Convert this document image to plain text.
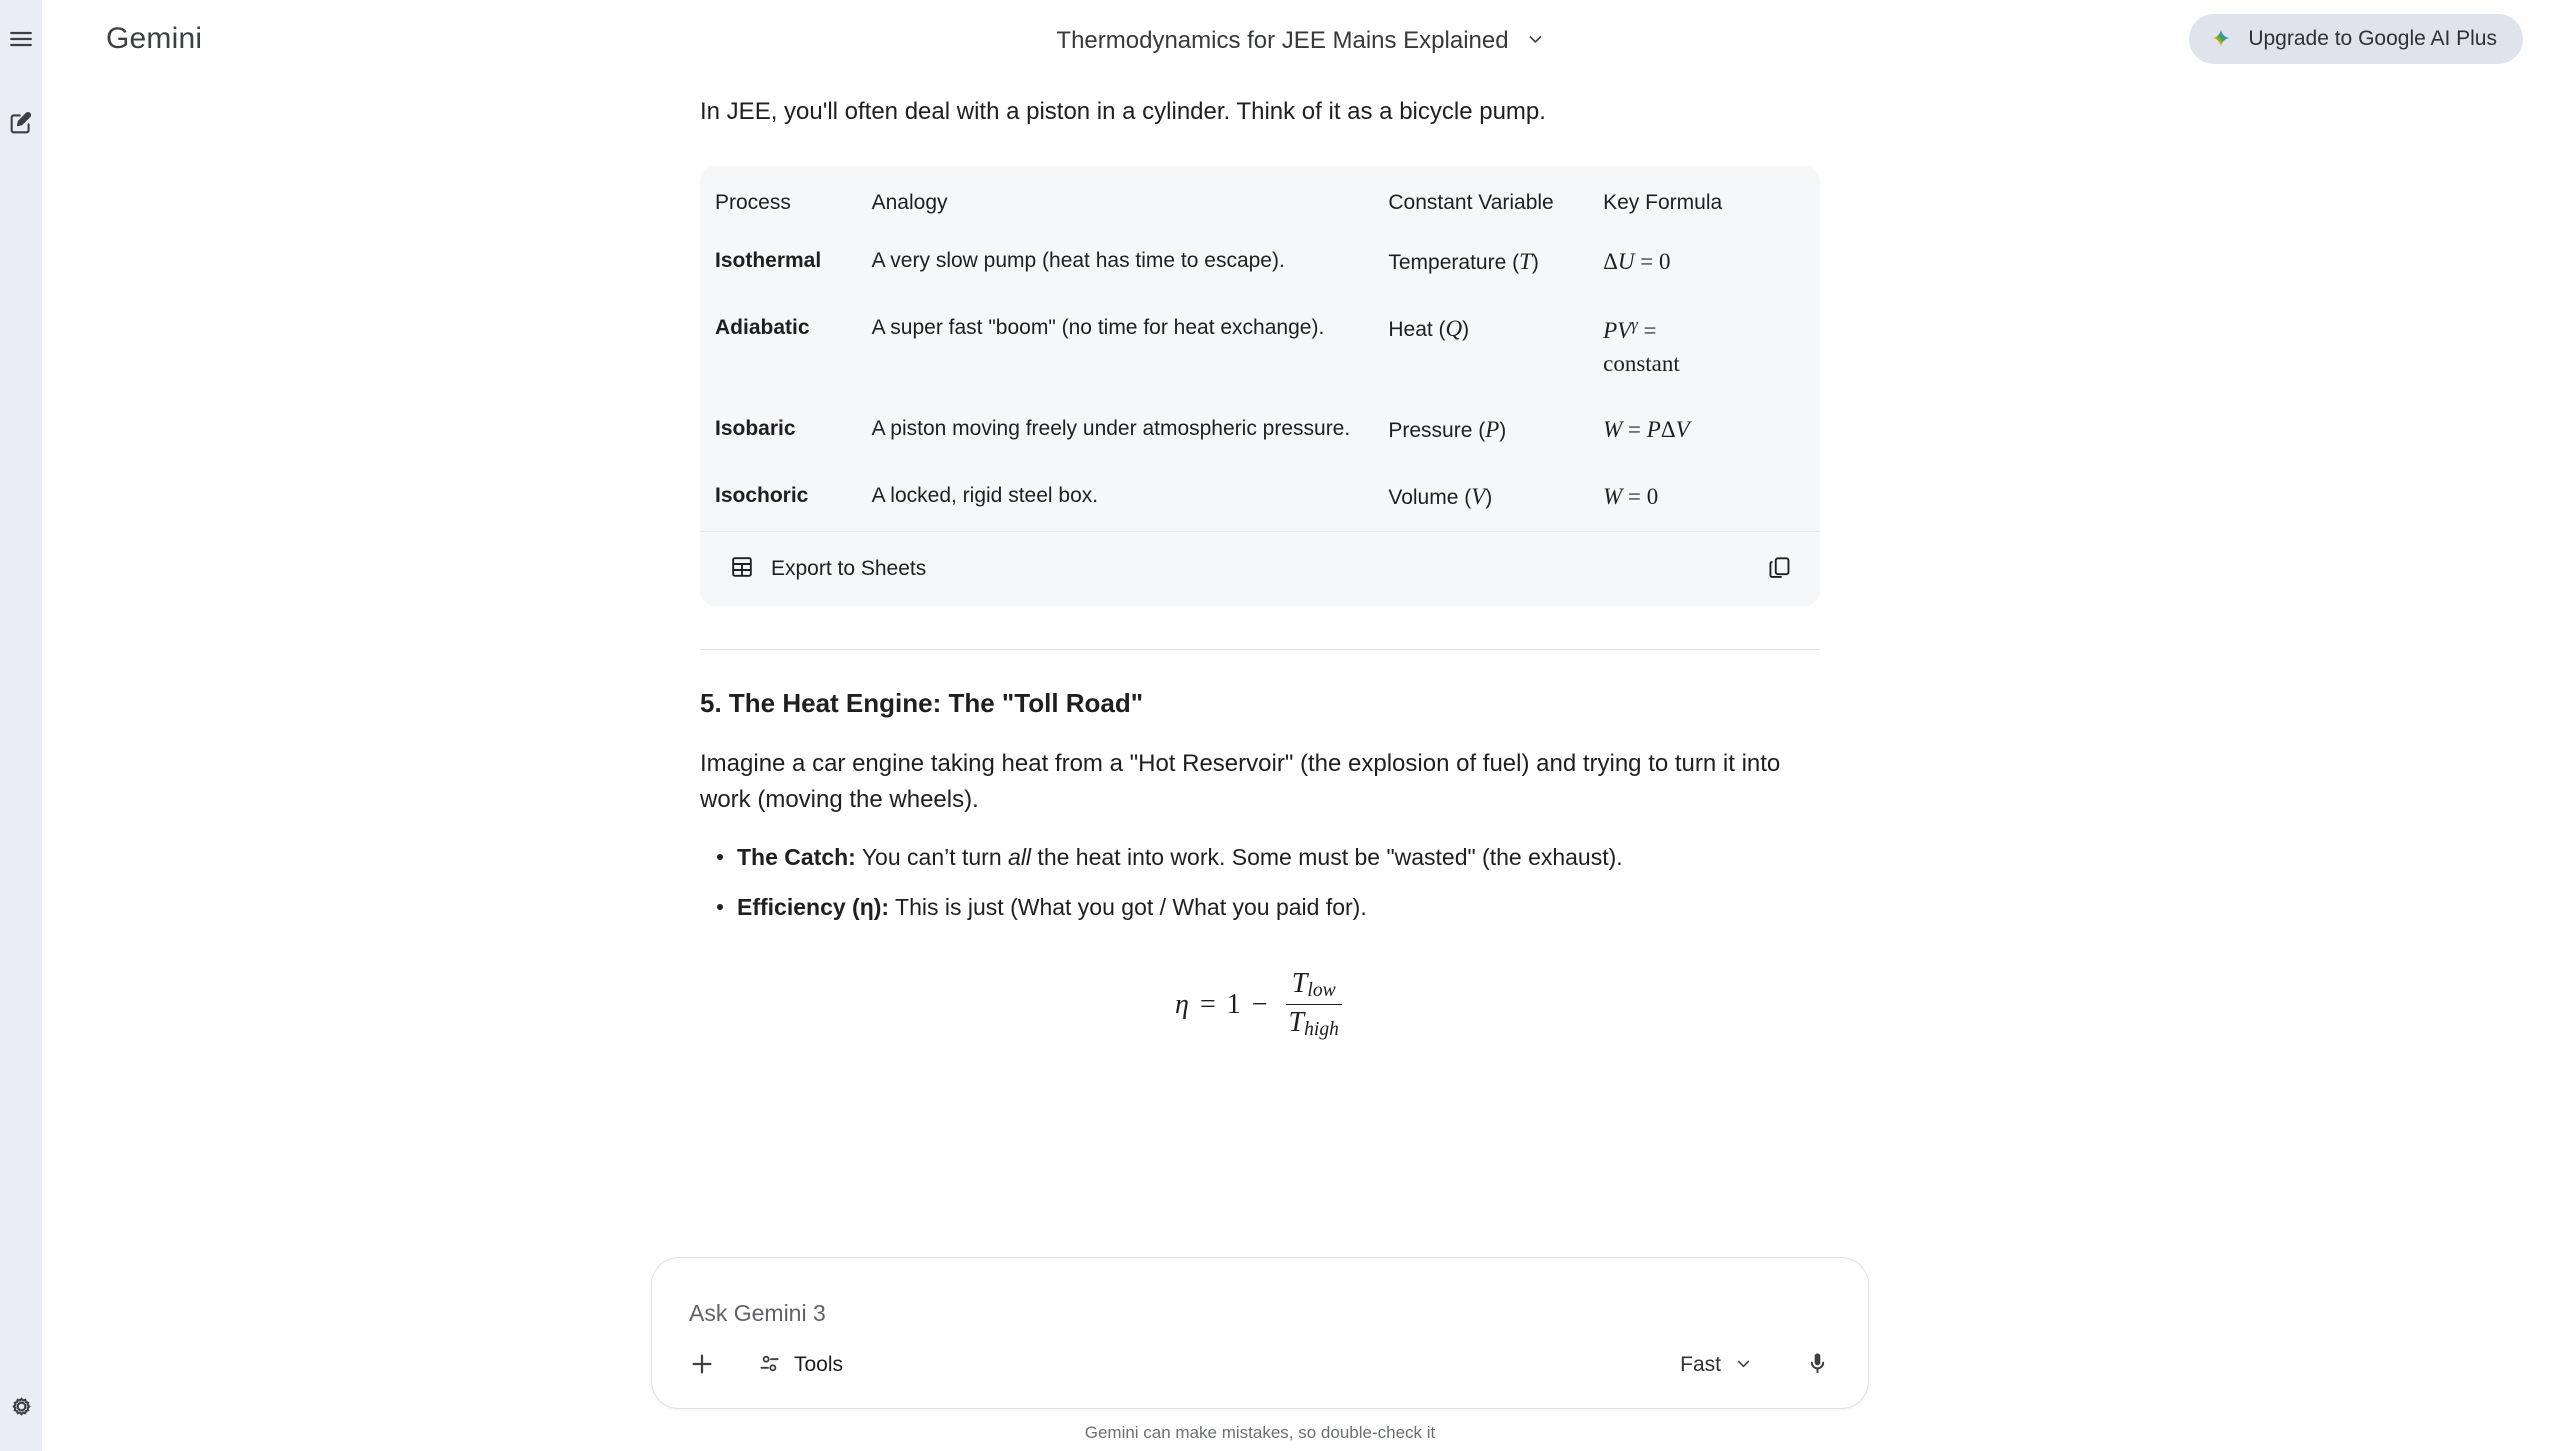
Gemini	Thermodynamics for JEE Mains Explained	Upgrade to Google AI Plus

In JEE, you'll often deal with a piston in a cylinder. Think of it as a bicycle pump.

Process	Analogy	Constant Variable	Key Formula
Isothermal	A very slow pump (heat has time to escape).	Temperature (T)	ΔU = 0
Adiabatic	A super fast "boom" (no time for heat exchange).	Heat (Q)	$PV^\gamma$ =
constant
Isobaric	A piston moving freely under atmospheric pressure.	Pressure (P)	W = PΔV
Isochoric	A locked, rigid steel box.	Volume (V)	W = 0
Export to Sheets
5. The Heat Engine: The "Toll Road"

Imagine a car engine taking heat from a "Hot Reservoir" (the explosion of fuel) and trying to turn it into work (moving the wheels).

The Catch: You can’t turn all the heat into work. Some must be "wasted" (the exhaust).
Efficiency (η): This is just (What you got / What you paid for).
$\eta = 1 - \frac{\text{Tlow}}{\text{Thigh}}$
Ask Gemini 3
Tools	Fast
Gemini can make mistakes, so double-check it
